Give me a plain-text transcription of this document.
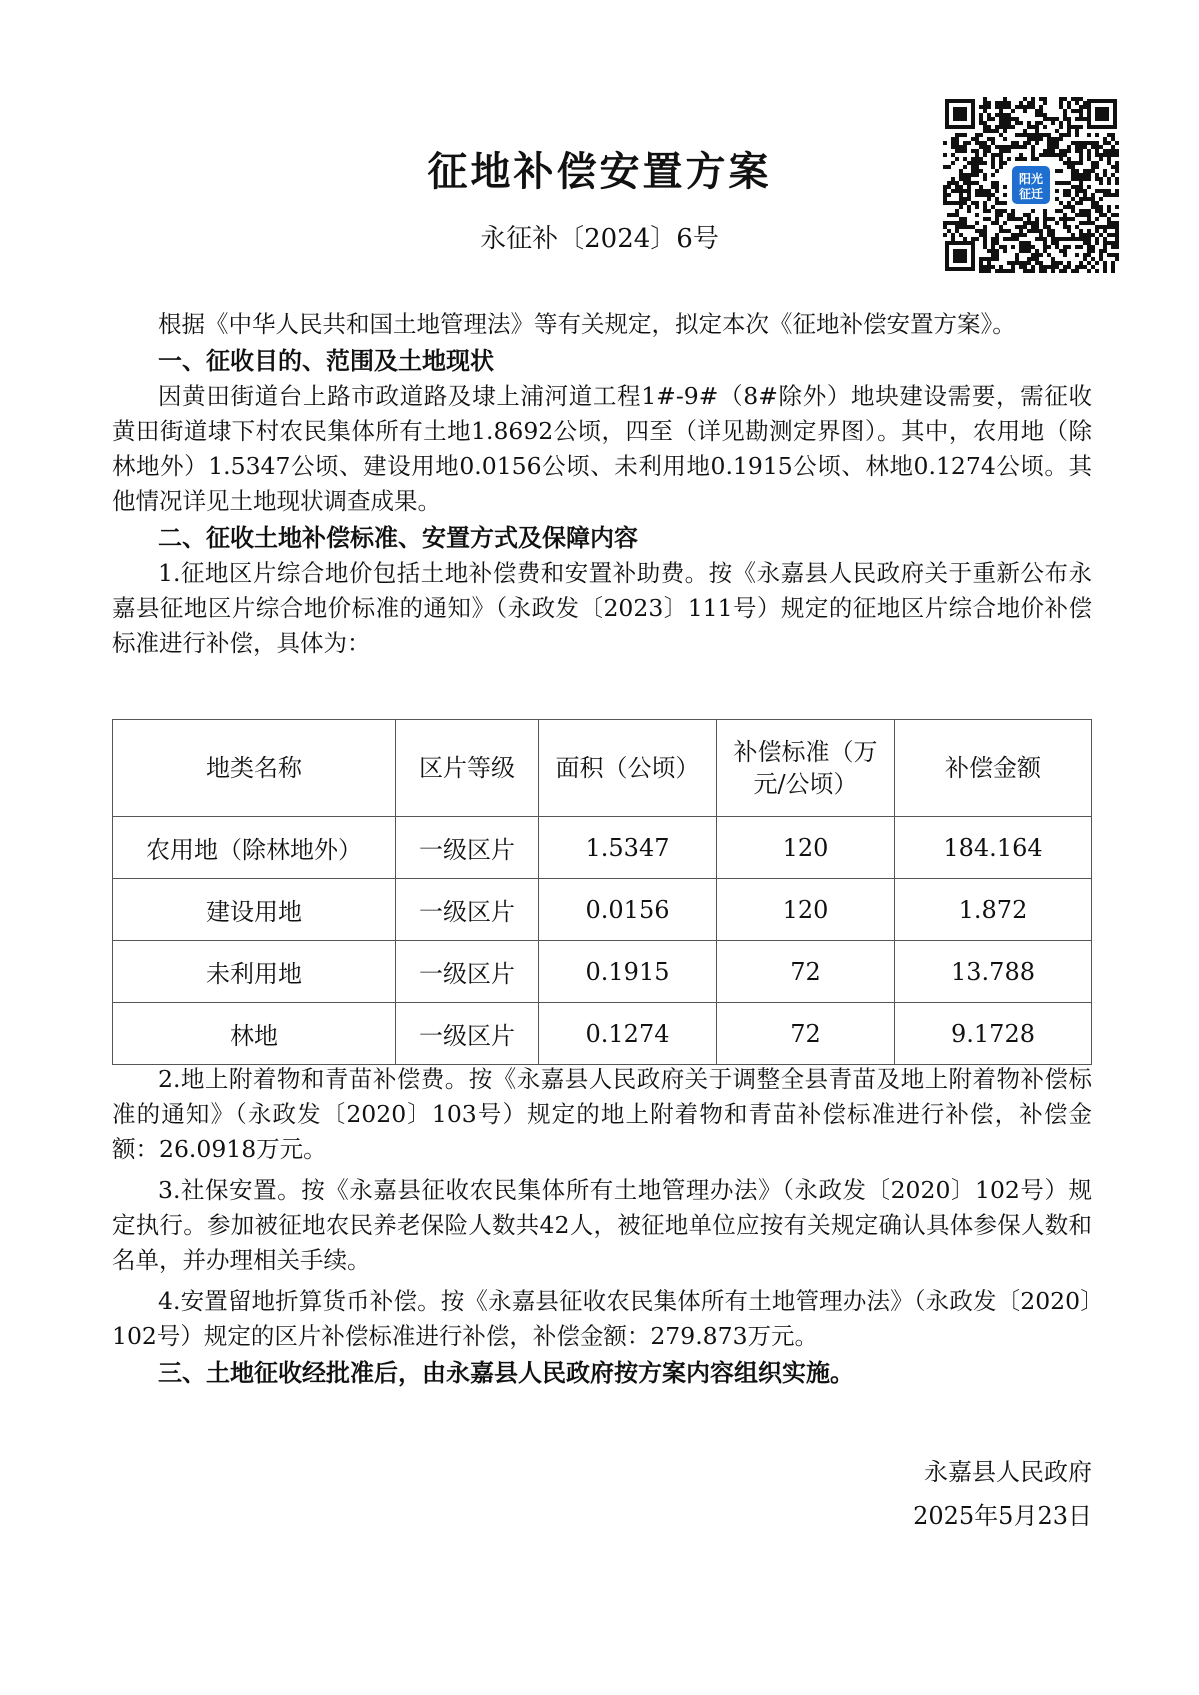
征地补偿安置方案
永征补〔2024〕6号
阳光
征迁

根据《中华人民共和国土地管理法》等有关规定，拟定本次《征地补偿安置方案》。

一、征收目的、范围及土地现状

因黄田街道台上路市政道路及埭上浦河道工程1#-9#（8#除外）地块建设需要，需征收黄田街道埭下村农民集体所有土地1.8692公顷，四至（详见勘测定界图）。其中，农用地（除林地外）1.5347公顷、建设用地0.0156公顷、未利用地0.1915公顷、林地0.1274公顷。其他情况详见土地现状调查成果。

二、征收土地补偿标准、安置方式及保障内容

1.征地区片综合地价包括土地补偿费和安置补助费。按《永嘉县人民政府关于重新公布永嘉县征地区片综合地价标准的通知》（永政发〔2023〕111号）规定的征地区片综合地价补偿标准进行补偿，具体为：

地类名称	区片等级	面积（公顷）	补偿标准（万元/公顷）	补偿金额
农用地（除林地外）	一级区片	1.5347	120	184.164
建设用地	一级区片	0.0156	120	1.872
未利用地	一级区片	0.1915	72	13.788
林地	一级区片	0.1274	72	9.1728

2.地上附着物和青苗补偿费。按《永嘉县人民政府关于调整全县青苗及地上附着物补偿标准的通知》（永政发〔2020〕103号）规定的地上附着物和青苗补偿标准进行补偿，补偿金额：26.0918万元。

3.社保安置。按《永嘉县征收农民集体所有土地管理办法》（永政发〔2020〕102号）规定执行。参加被征地农民养老保险人数共42人，被征地单位应按有关规定确认具体参保人数和名单，并办理相关手续。

4.安置留地折算货币补偿。按《永嘉县征收农民集体所有土地管理办法》（永政发〔2020〕102号）规定的区片补偿标准进行补偿，补偿金额：279.873万元。

三、土地征收经批准后，由永嘉县人民政府按方案内容组织实施。

永嘉县人民政府
2025年5月23日
